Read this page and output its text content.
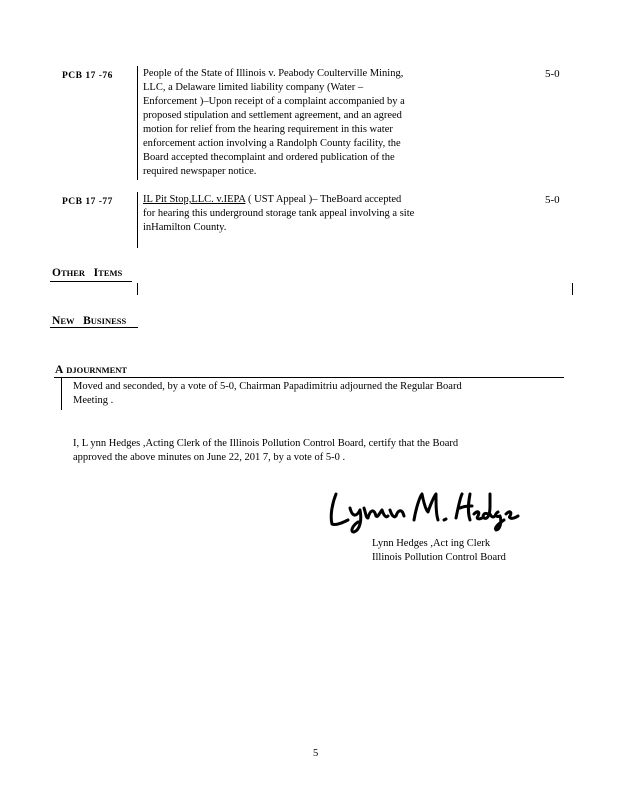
PCB 17 -76	People of the State of Illinois v. Peabody Coulterville Mining,
LLC, a Delaware limited liability company (Water –
Enforcement )–Upon receipt of a complaint accompanied by a
proposed stipulation and settlement agreement, and an agreed
motion for relief from the hearing requirement in this water
enforcement action involving a Randolph County facility, the
Board accepted thecomplaint and ordered publication of the
required newspaper notice.
5-0
PCB 17 -77	IL Pit Stop,LLC. v.IEPA ( UST Appeal )– TheBoard accepted
for hearing this underground storage tank appeal involving a site
inHamilton County.
5-0
OTHER ITEMS
NEW BUSINESS
A DJOURNMENT
Moved and seconded, by a vote of 5-0, Chairman Papadimitriu adjourned the Regular Board
Meeting .
I, L ynn Hedges ,Acting Clerk of the Illinois Pollution Control Board, certify that the Board
approved the above minutes on June 22, 201 7, by a vote of 5-0 .
Lynn Hedges ,Act ing Clerk
Illinois Pollution Control Board
5
